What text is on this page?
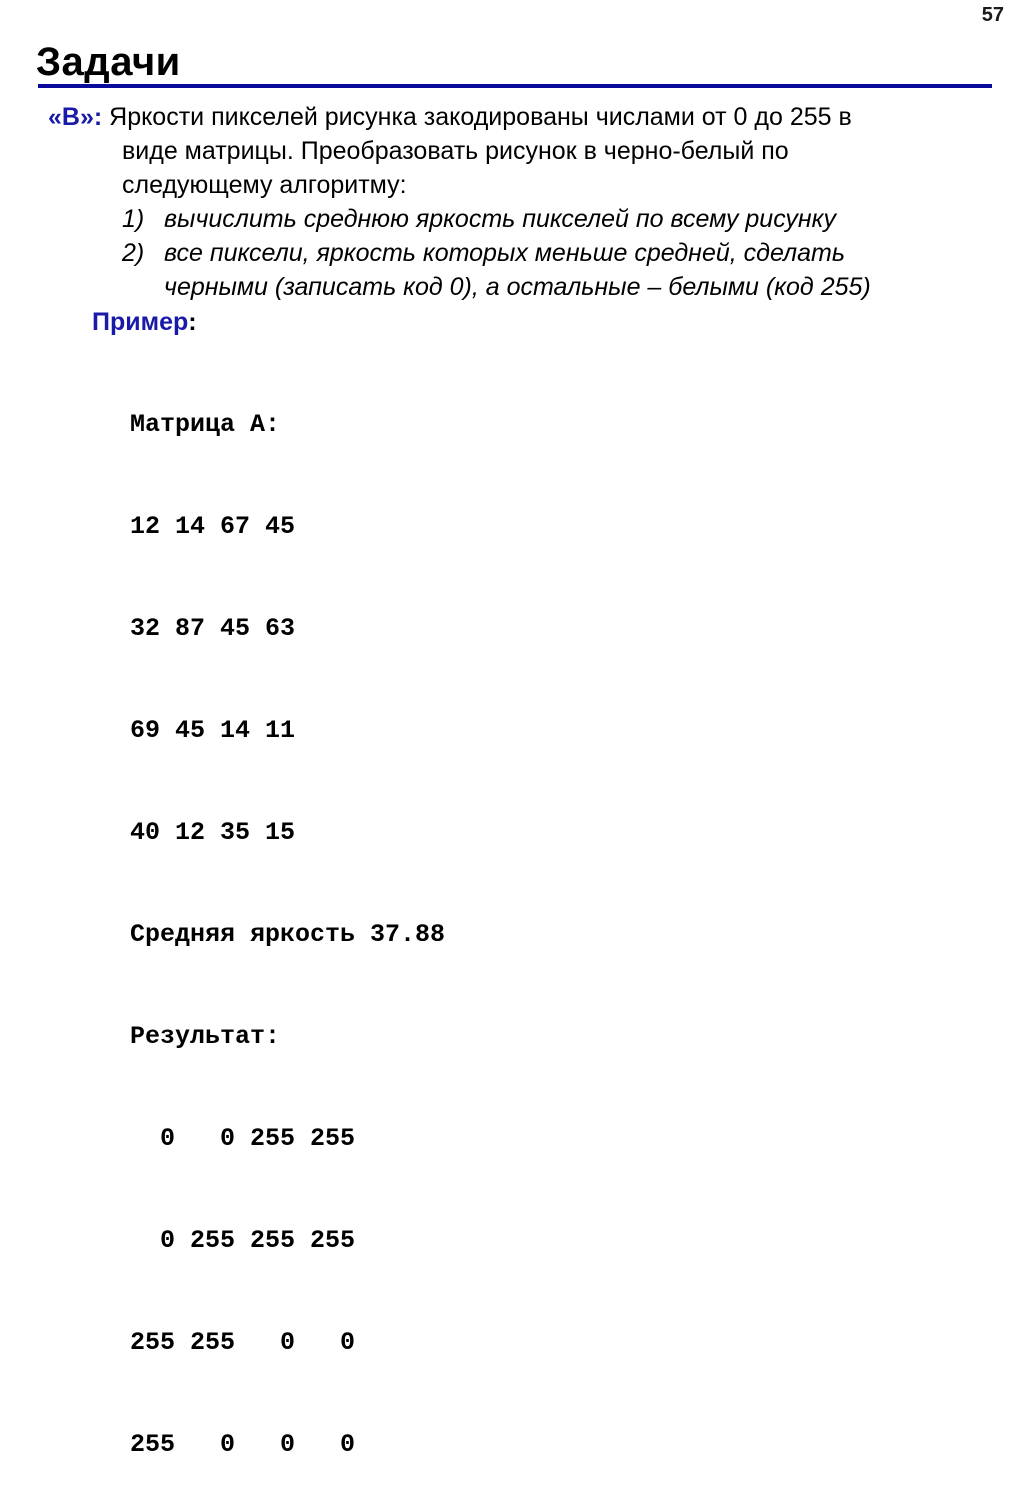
57
Задачи
«B»: Яркости пикселей рисунка закодированы числами от 0 до 255 в
виде матрицы. Преобразовать рисунок в черно-белый по
следующему алгоритму:
1) вычислить среднюю яркость пикселей по всему рисунку
2) все пиксели, яркость которых меньше средней, сделать
черными (записать код 0), а остальные – белыми (код 255)
Пример:

Матрица A:

12 14 67 45

32 87 45 63

69 45 14 11

40 12 35 15

Средняя яркость 37.88

Результат:

0   0 255 255

0 255 255 255

255 255   0   0

255   0   0   0
